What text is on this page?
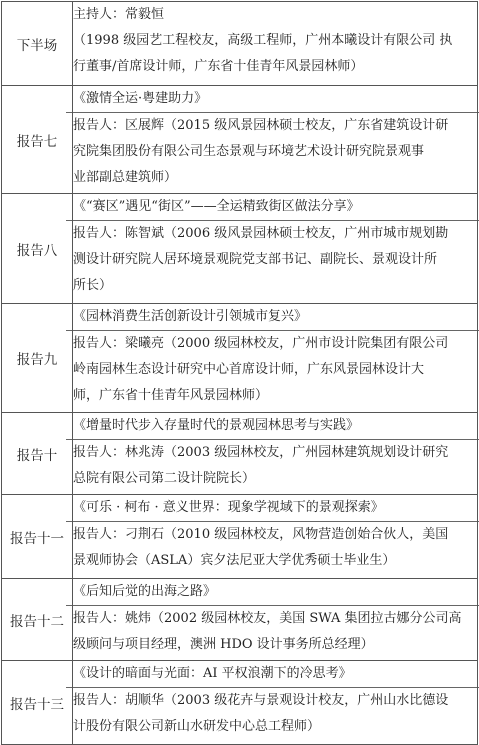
下半场	主持人：常毅恒
（1998 级园艺工程校友，高级工程师，广州本曦设计有限公司 执
行董事/首席设计师，广东省十佳青年风景园林师）

报告七	《激情全运·粤建助力》
报告人：区展辉（2015 级风景园林硕士校友，广东省建筑设计研
究院集团股份有限公司生态景观与环境艺术设计研究院景观事
业部副总建筑师）

报告八	《“赛区”遇见“街区”——全运精致街区做法分享》
报告人：陈智斌（2006 级风景园林硕士校友，广州市城市规划勘
测设计研究院人居环境景观院党支部书记、副院长、景观设计所
所长）

报告九	《园林消费生活创新设计引领城市复兴》
报告人：梁曦亮（2000 级园林校友，广州市设计院集团有限公司
岭南园林生态设计研究中心首席设计师，广东风景园林设计大
师，广东省十佳青年风景园林师）

报告十	《增量时代步入存量时代的景观园林思考与实践》
报告人：林兆涛（2003 级园林校友，广州园林建筑规划设计研究
总院有限公司第二设计院院长）

报告十一	《可乐 · 柯布 · 意义世界：现象学视域下的景观探索》
报告人：刁荆石（2010 级园林校友，风物营造创始合伙人，美国
景观师协会（ASLA）宾夕法尼亚大学优秀硕士毕业生）

报告十二	《后知后觉的出海之路》
报告人：姚炜（2002 级园林校友，美国 SWA 集团拉古娜分公司高
级顾问与项目经理，澳洲 HDO 设计事务所总经理）

报告十三	《设计的暗面与光面：AI 平权浪潮下的冷思考》
报告人：胡顺华（2003 级花卉与景观设计校友，广州山水比德设
计股份有限公司新山水研发中心总工程师）
